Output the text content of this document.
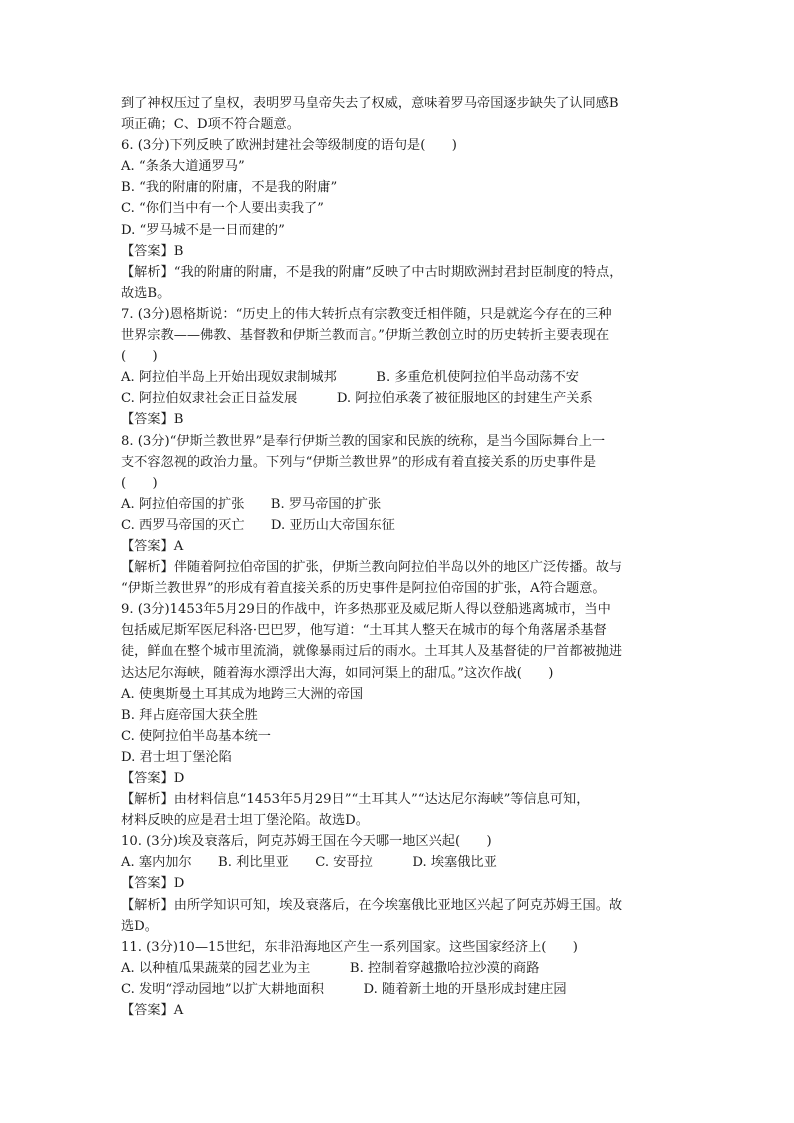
到了神权压过了皇权，表明罗马皇帝失去了权威，意味着罗马帝国逐步缺失了认同感B
项正确；C、D项不符合题意。
6. (3分)下列反映了欧洲封建社会等级制度的语句是(　　)
A. “条条大道通罗马”
B. “我的附庸的附庸，不是我的附庸”
C. “你们当中有一个人要出卖我了”
D. “罗马城不是一日而建的”
【答案】B
【解析】“我的附庸的附庸，不是我的附庸”反映了中古时期欧洲封君封臣制度的特点，
故选B。
7. (3分)恩格斯说：“历史上的伟大转折点有宗教变迁相伴随，只是就迄今存在的三种
世界宗教——佛教、基督教和伊斯兰教而言。”伊斯兰教创立时的历史转折主要表现在
(　　)
A. 阿拉伯半岛上开始出现奴隶制城邦　　　B. 多重危机使阿拉伯半岛动荡不安
C. 阿拉伯奴隶社会正日益发展　　　D. 阿拉伯承袭了被征服地区的封建生产关系
【答案】B
8. (3分)“伊斯兰教世界”是奉行伊斯兰教的国家和民族的统称，是当今国际舞台上一
支不容忽视的政治力量。下列与“伊斯兰教世界”的形成有着直接关系的历史事件是
(　　)
A. 阿拉伯帝国的扩张　　B. 罗马帝国的扩张
C. 西罗马帝国的灭亡　　D. 亚历山大帝国东征
【答案】A
【解析】伴随着阿拉伯帝国的扩张，伊斯兰教向阿拉伯半岛以外的地区广泛传播。故与
“伊斯兰教世界”的形成有着直接关系的历史事件是阿拉伯帝国的扩张，A符合题意。
9. (3分)1453年5月29日的作战中，许多热那亚及威尼斯人得以登船逃离城市，当中
包括威尼斯军医尼科洛·巴巴罗，他写道：“土耳其人整天在城市的每个角落屠杀基督
徒，鲜血在整个城市里流淌，就像暴雨过后的雨水。土耳其人及基督徒的尸首都被抛进
达达尼尔海峡，随着海水漂浮出大海，如同河渠上的甜瓜。”这次作战(　　)
A. 使奥斯曼土耳其成为地跨三大洲的帝国
B. 拜占庭帝国大获全胜
C. 使阿拉伯半岛基本统一
D. 君士坦丁堡沦陷
【答案】D
【解析】由材料信息“1453年5月29日”“土耳其人”“达达尼尔海峡”等信息可知，
材料反映的应是君士坦丁堡沦陷。故选D。
10. (3分)埃及衰落后，阿克苏姆王国在今天哪一地区兴起(　　)
A. 塞内加尔　　B. 利比里亚　　C. 安哥拉　　　D. 埃塞俄比亚
【答案】D
【解析】由所学知识可知，埃及衰落后，在今埃塞俄比亚地区兴起了阿克苏姆王国。故
选D。
11. (3分)10—15世纪，东非沿海地区产生一系列国家。这些国家经济上(　　)
A. 以种植瓜果蔬菜的园艺业为主　　　B. 控制着穿越撒哈拉沙漠的商路
C. 发明“浮动园地”以扩大耕地面积　　　D. 随着新土地的开垦形成封建庄园
【答案】A
